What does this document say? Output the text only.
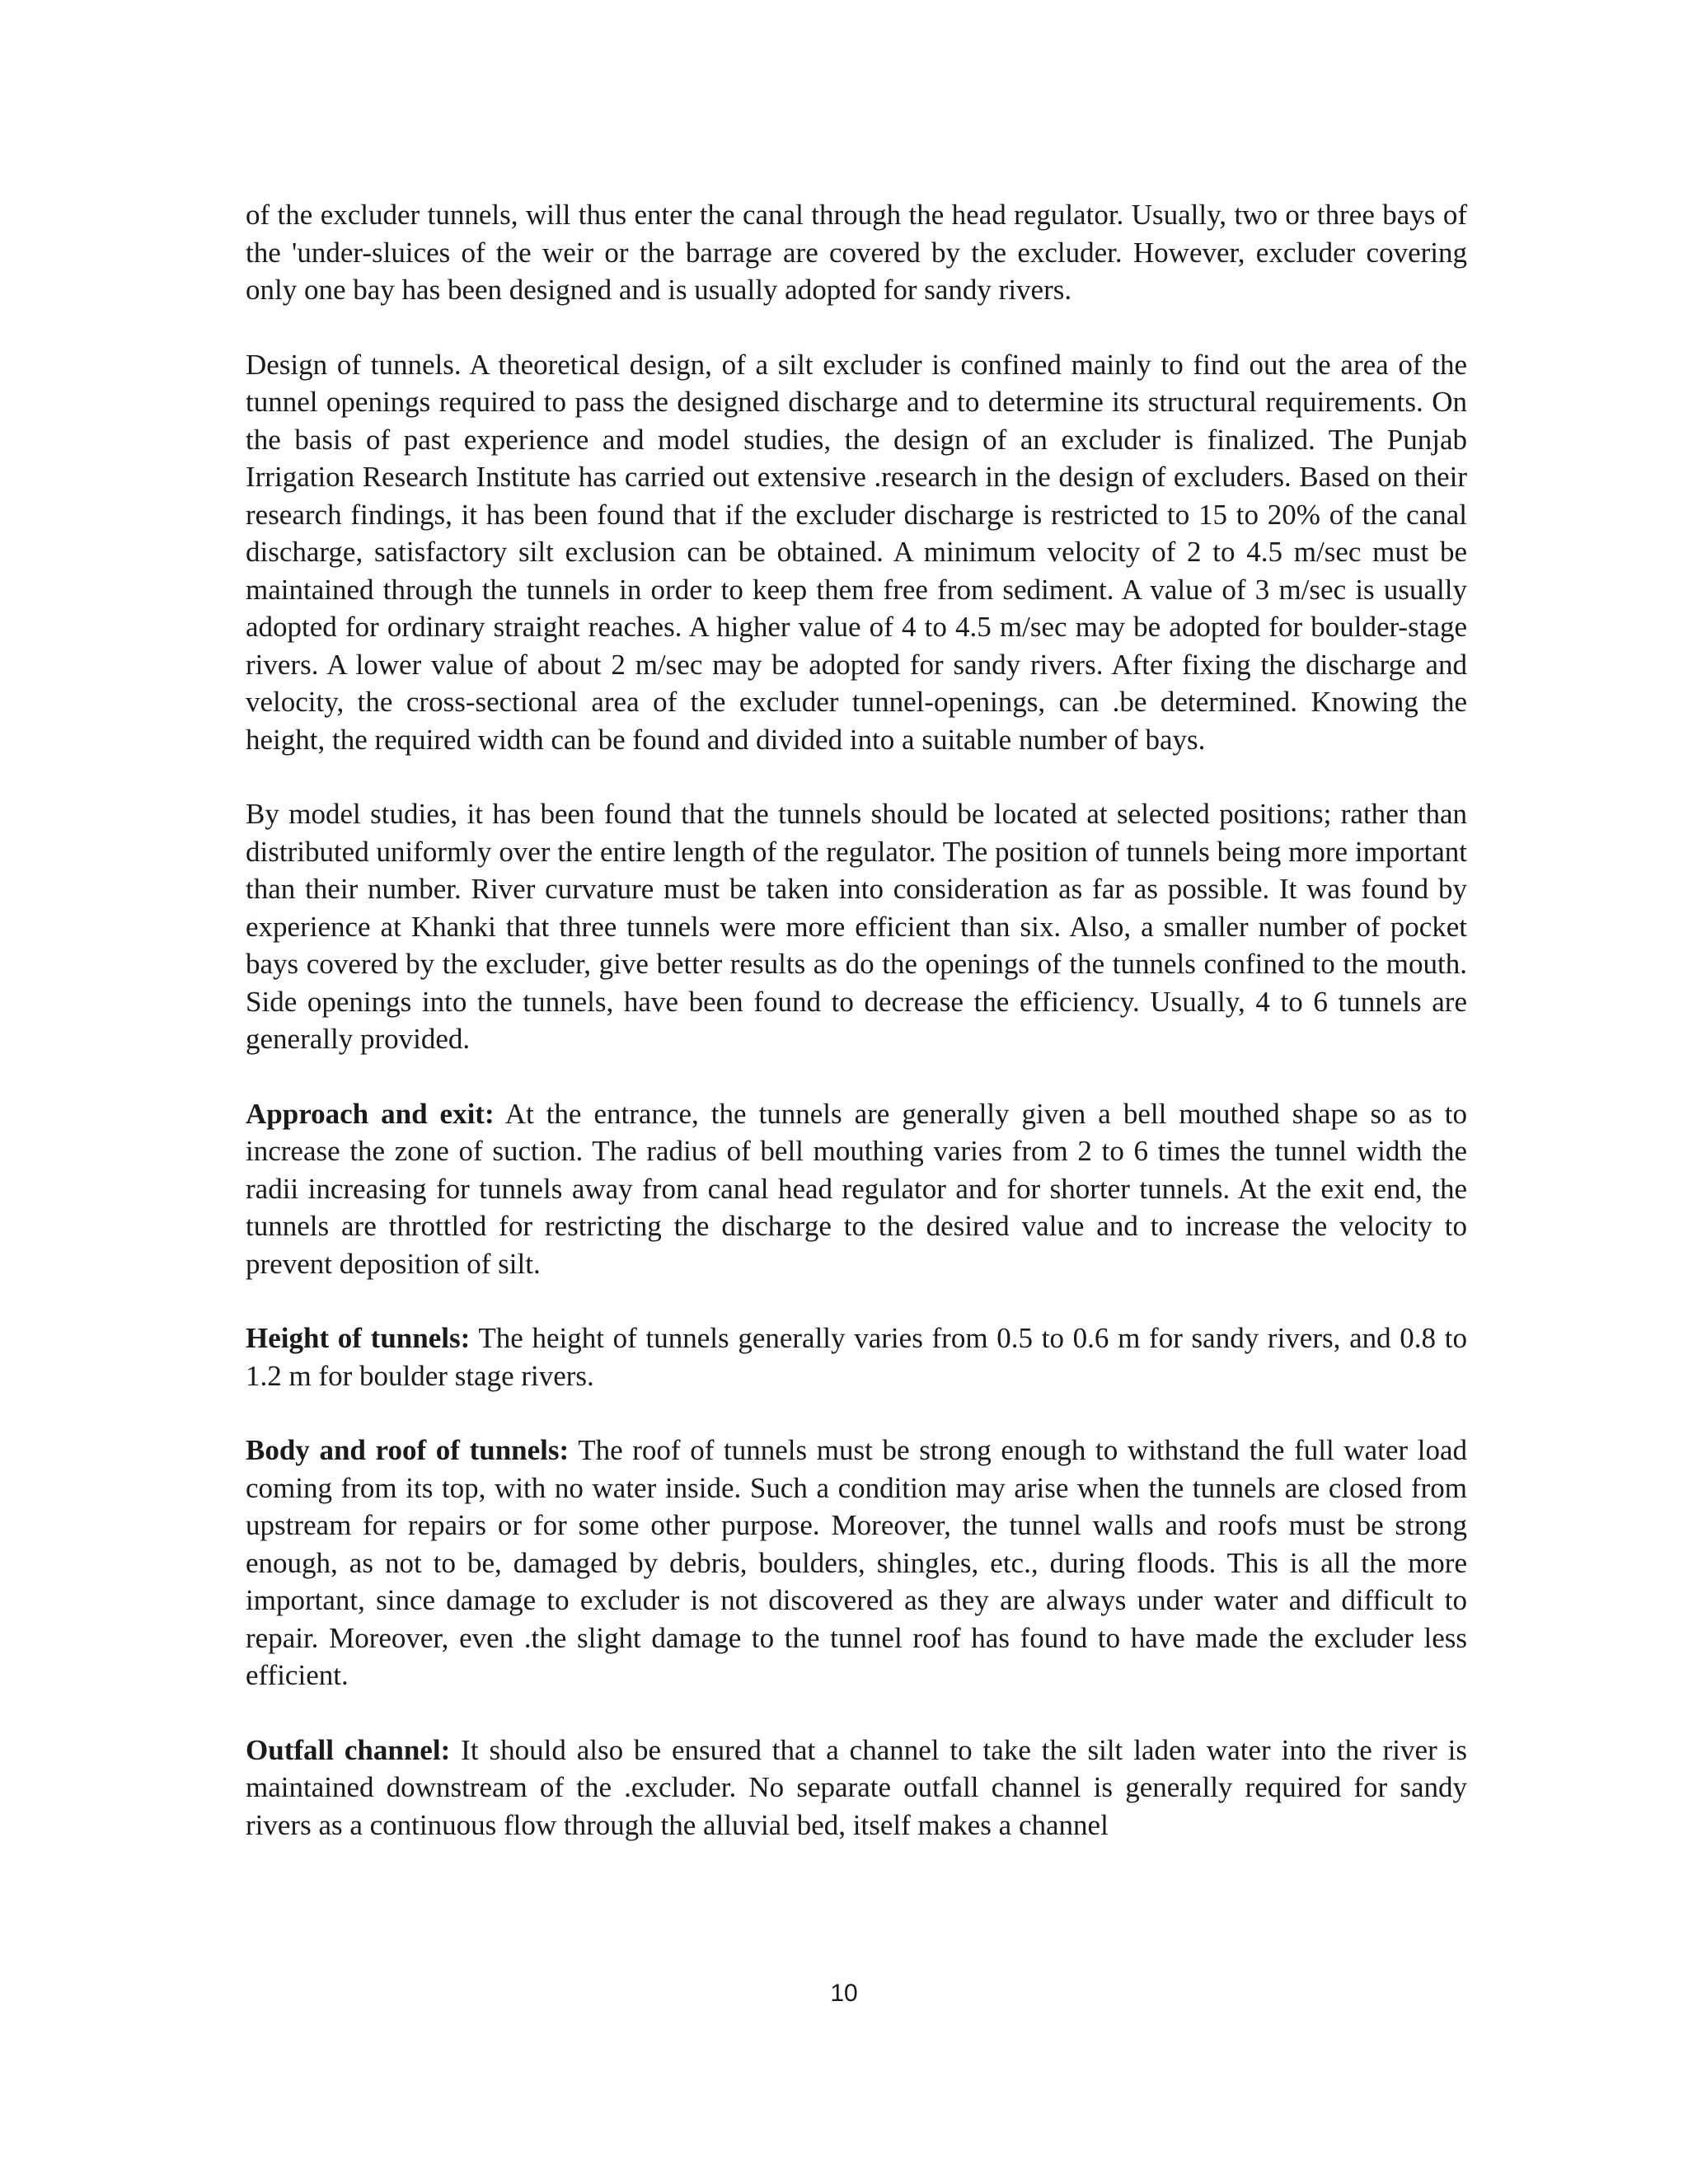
of the excluder tunnels, will thus enter the canal through the head regulator. Usually, two or three bays of the 'under-sluices of the weir or the barrage are covered by the excluder. However, excluder covering only one bay has been designed and is usually adopted for sandy rivers.

Design of tunnels. A theoretical design, of a silt excluder is confined mainly to find out the area of the tunnel openings required to pass the designed discharge and to determine its structural requirements. On the basis of past experience and model studies, the design of an excluder is finalized. The Punjab Irrigation Research Institute has carried out extensive .research in the design of excluders. Based on their research findings, it has been found that if the excluder discharge is restricted to 15 to 20% of the canal discharge, satisfactory silt exclusion can be obtained. A minimum velocity of 2 to 4.5 m/sec must be maintained through the tunnels in order to keep them free from sediment. A value of 3 m/sec is usually adopted for ordinary straight reaches. A higher value of 4 to 4.5 m/sec may be adopted for boulder-stage rivers. A lower value of about 2 m/sec may be adopted for sandy rivers. After fixing the discharge and velocity, the cross-sectional area of the excluder tunnel-openings, can .be determined. Knowing the height, the required width can be found and divided into a suitable number of bays.

By model studies, it has been found that the tunnels should be located at selected positions; rather than distributed uniformly over the entire length of the regulator. The position of tunnels being more important than their number. River curvature must be taken into consideration as far as possible. It was found by experience at Khanki that three tunnels were more efficient than six. Also, a smaller number of pocket bays covered by the excluder, give better results as do the openings of the tunnels confined to the mouth. Side openings into the tunnels, have been found to decrease the efficiency. Usually, 4 to 6 tunnels are generally provided.

Approach and exit: At the entrance, the tunnels are generally given a bell mouthed shape so as to increase the zone of suction. The radius of bell mouthing varies from 2 to 6 times the tunnel width the radii increasing for tunnels away from canal head regulator and for shorter tunnels. At the exit end, the tunnels are throttled for restricting the discharge to the desired value and to increase the velocity to prevent deposition of silt.

Height of tunnels: The height of tunnels generally varies from 0.5 to 0.6 m for sandy rivers, and 0.8 to 1.2 m for boulder stage rivers.

Body and roof of tunnels: The roof of tunnels must be strong enough to withstand the full water load coming from its top, with no water inside. Such a condition may arise when the tunnels are closed from upstream for repairs or for some other purpose. Moreover, the tunnel walls and roofs must be strong enough, as not to be, damaged by debris, boulders, shingles, etc., during floods. This is all the more important, since damage to excluder is not discovered as they are always under water and difficult to repair. Moreover, even .the slight damage to the tunnel roof has found to have made the excluder less efficient.

Outfall channel: It should also be ensured that a channel to take the silt laden water into the river is maintained downstream of the .excluder. No separate outfall channel is generally required for sandy rivers as a continuous flow through the alluvial bed, itself makes a channel

10
